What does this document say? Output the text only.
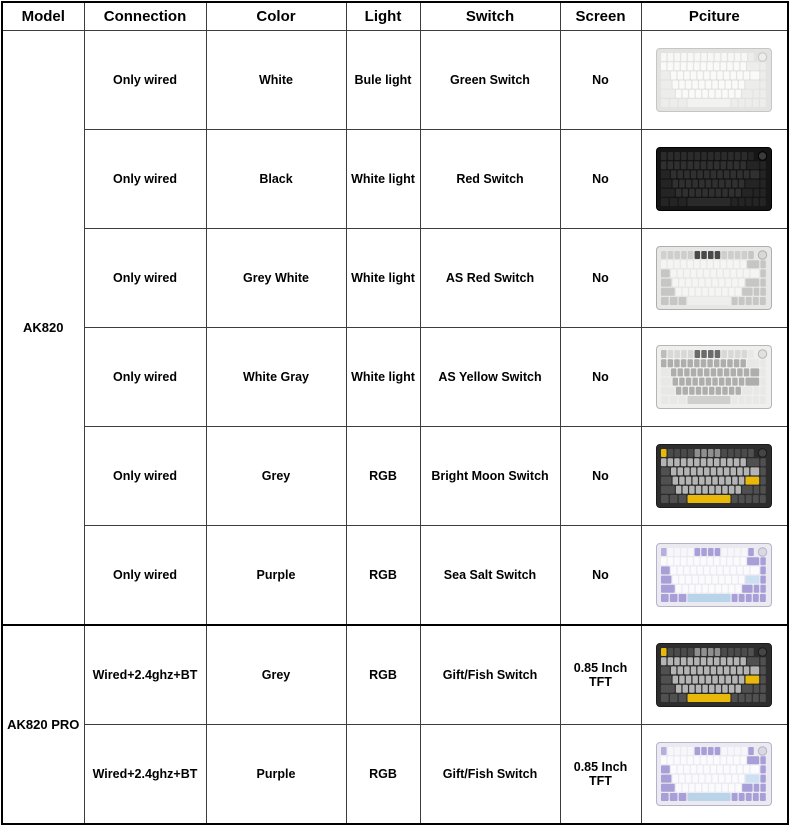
Model	Connection	Color	Light	Switch	Screen	Pciture
AK820	Only wired	White	Bule light	Green Switch	No	
	Only wired	Black	White light	Red Switch	No	
	Only wired	Grey White	White light	AS Red Switch	No	
	Only wired	White Gray	White light	AS Yellow Switch	No	
	Only wired	Grey	RGB	Bright Moon Switch	No	
	Only wired	Purple	RGB	Sea Salt Switch	No	
AK820 PRO	Wired+2.4ghz+BT	Grey	RGB	Gift/Fish Switch	0.85 Inch TFT	
	Wired+2.4ghz+BT	Purple	RGB	Gift/Fish Switch	0.85 Inch TFT	
